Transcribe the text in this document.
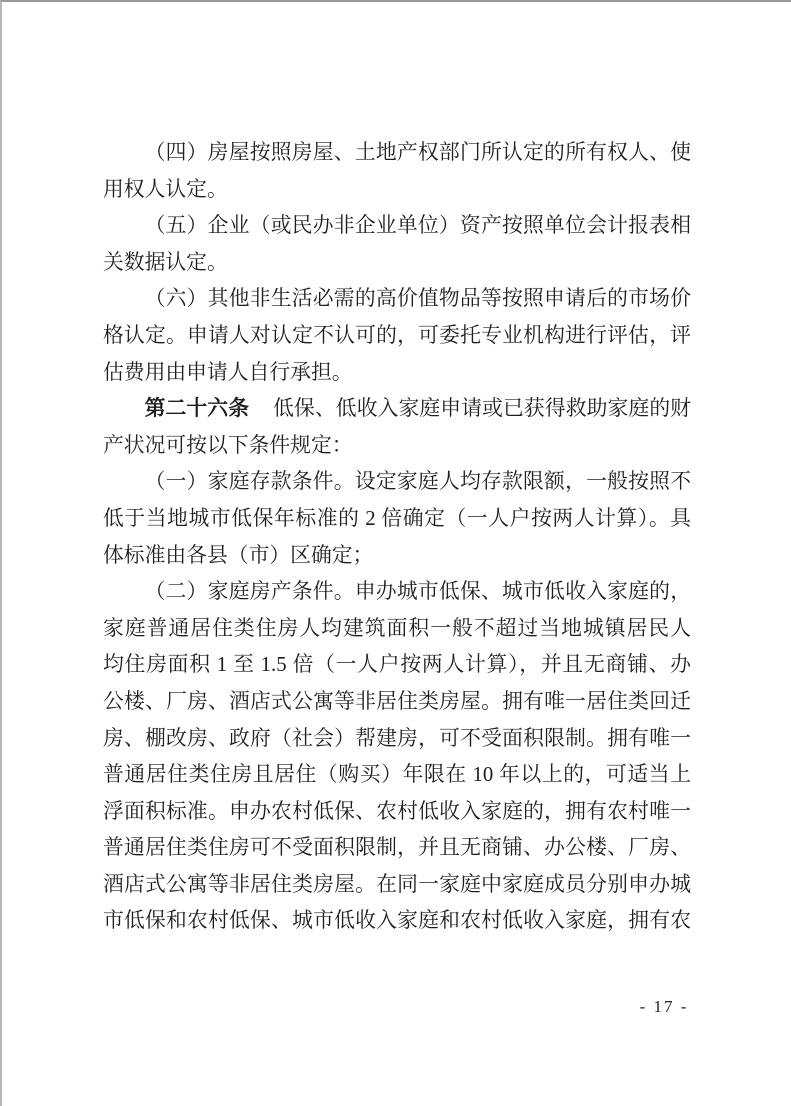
（四）房屋按照房屋、土地产权部门所认定的所有权人、使
用权人认定。
（五）企业（或民办非企业单位）资产按照单位会计报表相
关数据认定。
（六）其他非生活必需的高价值物品等按照申请后的市场价
格认定。申请人对认定不认可的，可委托专业机构进行评估，评
估费用由申请人自行承担。
第二十六条 低保、低收入家庭申请或已获得救助家庭的财
产状况可按以下条件规定：
（一）家庭存款条件。设定家庭人均存款限额，一般按照不
低于当地城市低保年标准的 2 倍确定（一人户按两人计算）。具
体标准由各县（市）区确定；
（二）家庭房产条件。申办城市低保、城市低收入家庭的，
家庭普通居住类住房人均建筑面积一般不超过当地城镇居民人
均住房面积 1 至 1.5 倍（一人户按两人计算），并且无商铺、办
公楼、厂房、酒店式公寓等非居住类房屋。拥有唯一居住类回迁
房、棚改房、政府（社会）帮建房，可不受面积限制。拥有唯一
普通居住类住房且居住（购买）年限在 10 年以上的，可适当上
浮面积标准。申办农村低保、农村低收入家庭的，拥有农村唯一
普通居住类住房可不受面积限制，并且无商铺、办公楼、厂房、
酒店式公寓等非居住类房屋。在同一家庭中家庭成员分别申办城
市低保和农村低保、城市低收入家庭和农村低收入家庭，拥有农
- 17 -
